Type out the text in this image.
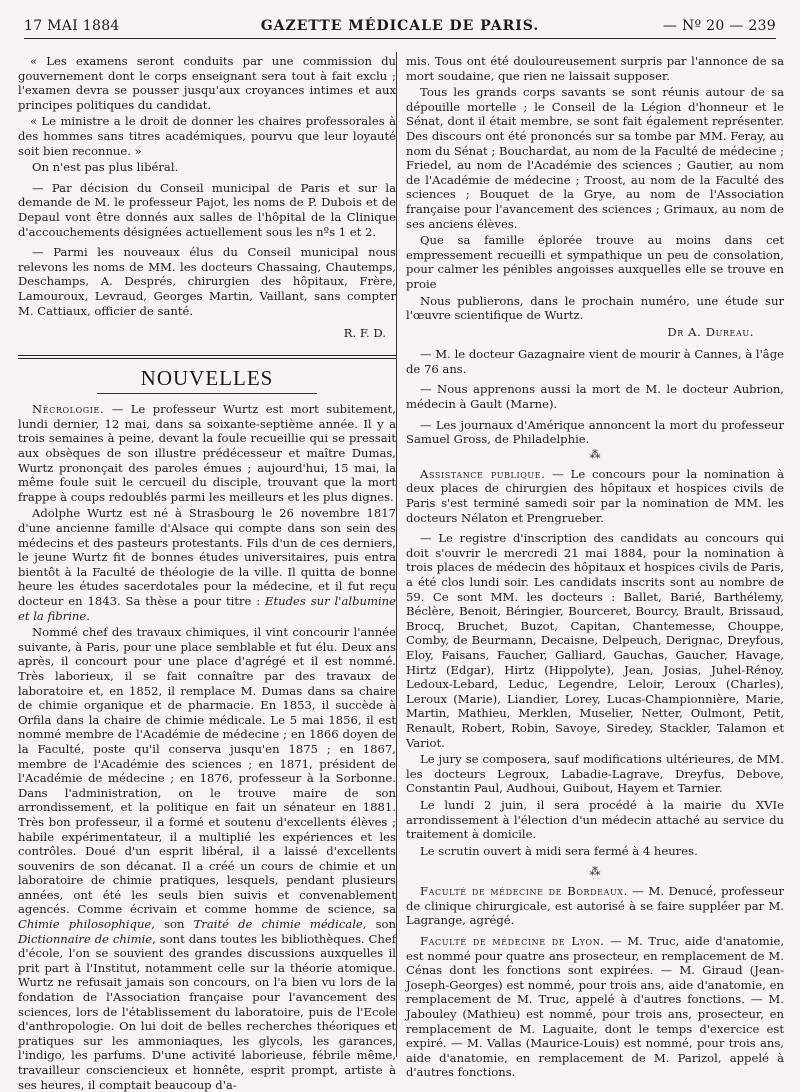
17 MAI 1884	GAZETTE MÉDICALE DE PARIS.	— Nº 20 — 239

« Les examens seront conduits par une commission du gouvernement dont le corps enseignant sera tout à fait exclu ; l'examen devra se pousser jusqu'aux croyances intimes et aux principes politiques du candidat.

« Le ministre a le droit de donner les chaires professorales à des hommes sans titres académiques, pourvu que leur loyauté soit bien reconnue. »

On n'est pas plus libéral.

— Par décision du Conseil municipal de Paris et sur la demande de M. le professeur Pajot, les noms de P. Dubois et de Depaul vont être donnés aux salles de l'hôpital de la Clinique d'accouchements désignées actuellement sous les nºs 1 et 2.

— Parmi les nouveaux élus du Conseil municipal nous relevons les noms de MM. les docteurs Chassaing, Chautemps, Deschamps, A. Després, chirurgien des hôpitaux, Frère, Lamouroux, Levraud, Georges Martin, Vaillant, sans compter M. Cattiaux, officier de santé.

R. F. D.
NOUVELLES

Nécrologie. — Le professeur Wurtz est mort subitement, lundi dernier, 12 mai, dans sa soixante-septième année. Il y a trois semaines à peine, devant la foule recueillie qui se pressait aux obsèques de son illustre prédécesseur et maître Dumas, Wurtz prononçait des paroles émues ; aujourd'hui, 15 mai, la même foule suit le cercueil du disciple, trouvant que la mort frappe à coups redoublés parmi les meilleurs et les plus dignes.

Adolphe Wurtz est né à Strasbourg le 26 novembre 1817 d'une ancienne famille d'Alsace qui compte dans son sein des médecins et des pasteurs protestants. Fils d'un de ces derniers, le jeune Wurtz fit de bonnes études universitaires, puis entra bientôt à la Faculté de théologie de la ville. Il quitta de bonne heure les études sacerdotales pour la médecine, et il fut reçu docteur en 1843. Sa thèse a pour titre : Etudes sur l'albumine et la fibrine.

Nommé chef des travaux chimiques, il vint concourir l'année suivante, à Paris, pour une place semblable et fut élu. Deux ans après, il concourt pour une place d'agrégé et il est nommé. Très laborieux, il se fait connaître par des travaux de laboratoire et, en 1852, il remplace M. Dumas dans sa chaire de chimie organique et de pharmacie. En 1853, il succède à Orfila dans la chaire de chimie médicale. Le 5 mai 1856, il est nommé membre de l'Académie de médecine ; en 1866 doyen de la Faculté, poste qu'il conserva jusqu'en 1875 ; en 1867, membre de l'Académie des sciences ; en 1871, président de l'Académie de médecine ; en 1876, professeur à la Sorbonne. Dans l'administration, on le trouve maire de son arrondissement, et la politique en fait un sénateur en 1881. Très bon professeur, il a formé et soutenu d'excellents élèves ; habile expérimentateur, il a multiplié les expériences et les contrôles. Doué d'un esprit libéral, il a laissé d'excellents souvenirs de son décanat. Il a créé un cours de chimie et un laboratoire de chimie pratiques, lesquels, pendant plusieurs années, ont été les seuls bien suivis et convenablement agencés. Comme écrivain et comme homme de science, sa Chimie philosophique, son Traité de chimie médicale, son Dictionnaire de chimie, sont dans toutes les bibliothèques. Chef d'école, l'on se souvient des grandes discussions auxquelles il prit part à l'Institut, notamment celle sur la théorie atomique. Wurtz ne refusait jamais son concours, on l'a bien vu lors de la fondation de l'Association française pour l'avancement des sciences, lors de l'établissement du laboratoire, puis de l'Ecole d'anthropologie. On lui doit de belles recherches théoriques et pratiques sur les ammoniaques, les glycols, les garances, l'indigo, les parfums. D'une activité laborieuse, fébrile même, travailleur consciencieux et honnête, esprit prompt, artiste à ses heures, il comptait beaucoup d'a-

mis. Tous ont été douloureusement surpris par l'annonce de sa mort soudaine, que rien ne laissait supposer.

Tous les grands corps savants se sont réunis autour de sa dépouille mortelle ; le Conseil de la Légion d'honneur et le Sénat, dont il était membre, se sont fait également représenter. Des discours ont été prononcés sur sa tombe par MM. Feray, au nom du Sénat ; Bouchardat, au nom de la Faculté de médecine ; Friedel, au nom de l'Académie des sciences ; Gautier, au nom de l'Académie de médecine ; Troost, au nom de la Faculté des sciences ; Bouquet de la Grye, au nom de l'Association française pour l'avancement des sciences ; Grimaux, au nom de ses anciens élèves.

Que sa famille éplorée trouve au moins dans cet empressement recueilli et sympathique un peu de consolation, pour calmer les pénibles angoisses auxquelles elle se trouve en proie

Nous publierons, dans le prochain numéro, une étude sur l'œuvre scientifique de Wurtz.

Dr A. Dureau.

— M. le docteur Gazagnaire vient de mourir à Cannes, à l'âge de 76 ans.

— Nous apprenons aussi la mort de M. le docteur Aubrion, médecin à Gault (Marne).

— Les journaux d'Amérique annoncent la mort du professeur Samuel Gross, de Philadelphie.

⁂

Assistance publique. — Le concours pour la nomination à deux places de chirurgien des hôpitaux et hospices civils de Paris s'est terminé samedi soir par la nomination de MM. les docteurs Nélaton et Prengrueber.

— Le registre d'inscription des candidats au concours qui doit s'ouvrir le mercredi 21 mai 1884, pour la nomination à trois places de médecin des hôpitaux et hospices civils de Paris, a été clos lundi soir. Les candidats inscrits sont au nombre de 59. Ce sont MM. les docteurs : Ballet, Barié, Barthélemy, Béclère, Benoit, Béringier, Bourceret, Bourcy, Brault, Brissaud, Brocq, Bruchet, Buzot, Capitan, Chantemesse, Chouppe, Comby, de Beurmann, Decaisne, Delpeuch, Derignac, Dreyfous, Eloy, Faisans, Faucher, Galliard, Gauchas, Gaucher, Havage, Hirtz (Edgar), Hirtz (Hippolyte), Jean, Josias, Juhel-Rénoy, Ledoux-Lebard, Leduc, Legendre, Leloir, Leroux (Charles), Leroux (Marie), Liandier, Lorey, Lucas-Championnière, Marie, Martin, Mathieu, Merklen, Muselier, Netter, Oulmont, Petit, Renault, Robert, Robin, Savoye, Siredey, Stackler, Talamon et Variot.

Le jury se composera, sauf modifications ultérieures, de MM. les docteurs Legroux, Labadie-Lagrave, Dreyfus, Debove, Constantin Paul, Audhoui, Guibout, Hayem et Tarnier.

Le lundi 2 juin, il sera procédé à la mairie du XVIe arrondissement à l'élection d'un médecin attaché au service du traitement à domicile.

Le scrutin ouvert à midi sera fermé à 4 heures.

⁂

Faculté de médecine de Bordeaux. — M. Denucé, professeur de clinique chirurgicale, est autorisé à se faire suppléer par M. Lagrange, agrégé.

Faculté de médecine de Lyon. — M. Truc, aide d'anatomie, est nommé pour quatre ans prosecteur, en remplacement de M. Cénas dont les fonctions sont expirées. — M. Giraud (Jean-Joseph-Georges) est nommé, pour trois ans, aide d'anatomie, en remplacement de M. Truc, appelé à d'autres fonctions. — M. Jabouley (Mathieu) est nommé, pour trois ans, prosecteur, en remplacement de M. Laguaite, dont le temps d'exercice est expiré. — M. Vallas (Maurice-Louis) est nommé, pour trois ans, aide d'anatomie, en remplacement de M. Parizol, appelé à d'autres fonctions.
